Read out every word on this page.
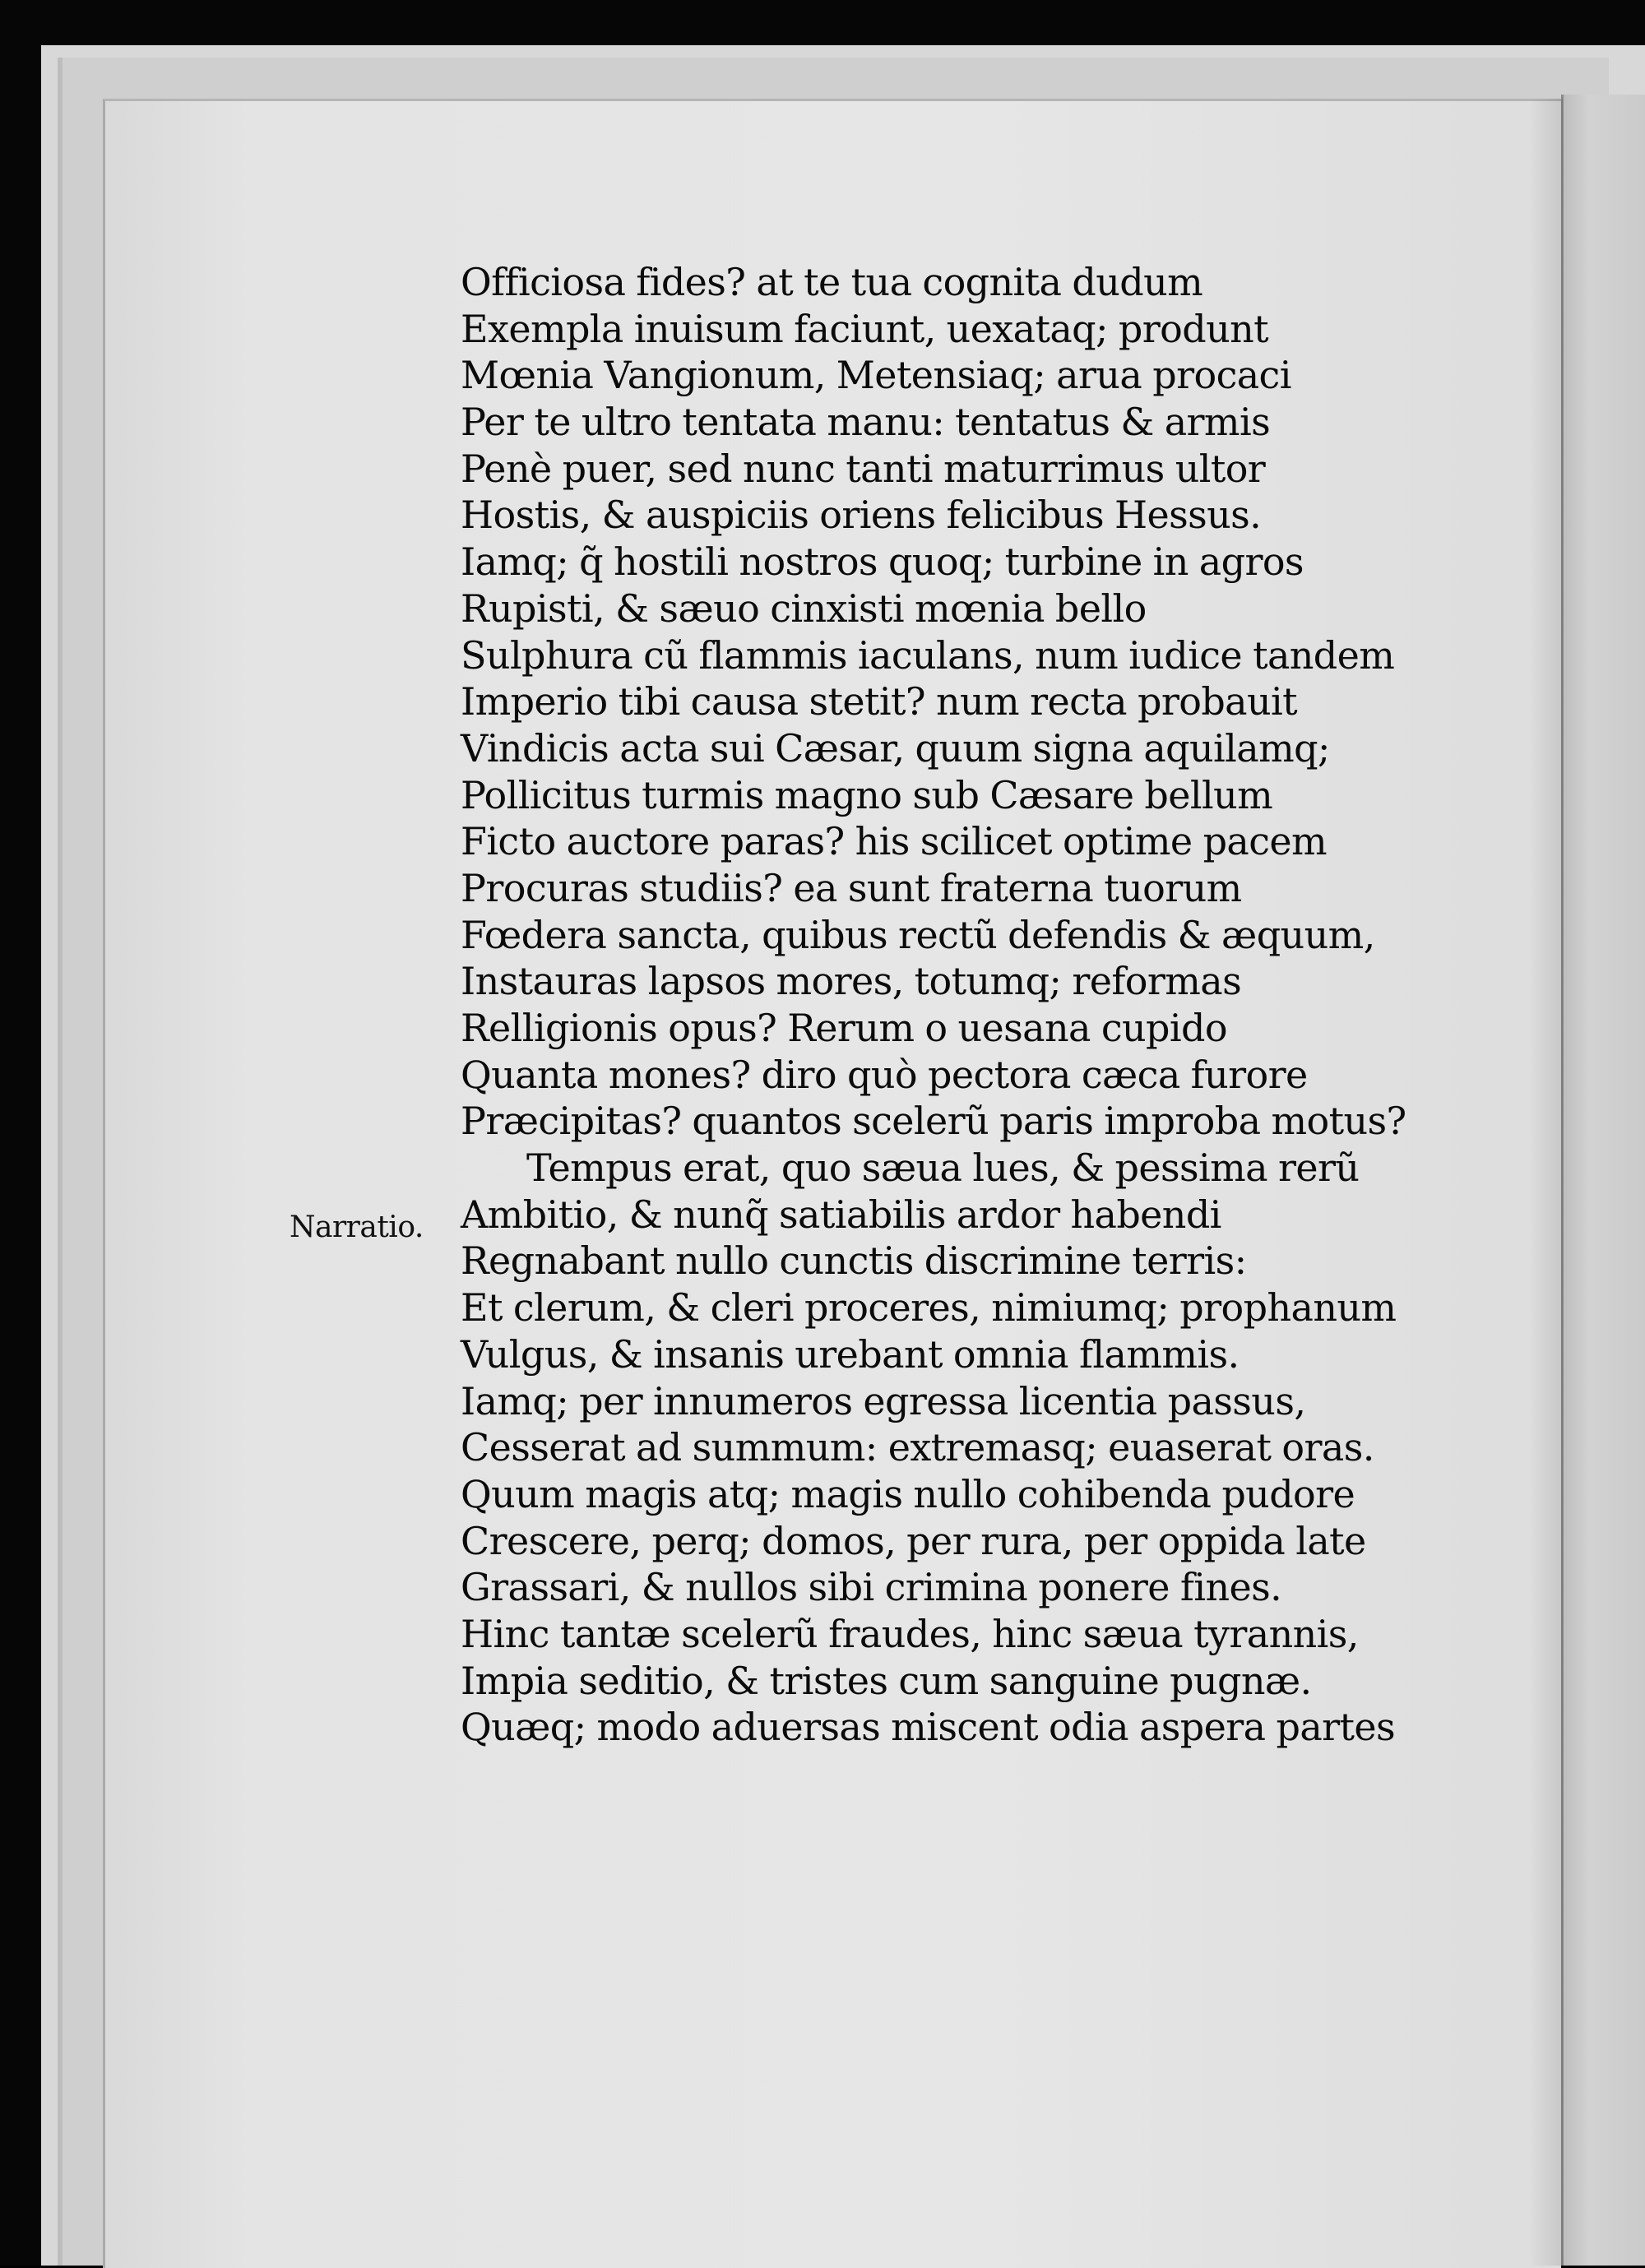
Narratio.
Officiosa fides? at te tua cognita dudum
Exempla inuisum faciunt, uexataq; produnt
Mœnia Vangionum, Metensiaq; arua procaci
Per te ultro tentata manu: tentatus & armis
Penè puer, sed nunc tanti maturrimus ultor
Hostis, & auspiciis oriens felicibus Hessus.
Iamq; q̃ hostili nostros quoq; turbine in agros
Rupisti, & sæuo cinxisti mœnia bello
Sulphura cũ flammis iaculans, num iudice tandem
Imperio tibi causa stetit? num recta probauit
Vindicis acta sui Cæsar, quum signa aquilamq;
Pollicitus turmis magno sub Cæsare bellum
Ficto auctore paras? his scilicet optime pacem
Procuras studiis? ea sunt fraterna tuorum
Fœdera sancta, quibus rectũ defendis & æquum,
Instauras lapsos mores, totumq; reformas
Relligionis opus? Rerum o uesana cupido
Quanta mones? diro quò pectora cæca furore
Præcipitas? quantos scelerũ paris improba motus?
Tempus erat, quo sæua lues, & pessima rerũ
Ambitio, & nunq̃ satiabilis ardor habendi
Regnabant nullo cunctis discrimine terris:
Et clerum, & cleri proceres, nimiumq; prophanum
Vulgus, & insanis urebant omnia flammis.
Iamq; per innumeros egressa licentia passus,
Cesserat ad summum: extremasq; euaserat oras.
Quum magis atq; magis nullo cohibenda pudore
Crescere, perq; domos, per rura, per oppida late
Grassari, & nullos sibi crimina ponere fines.
Hinc tantæ scelerũ fraudes, hinc sæua tyrannis,
Impia seditio, & tristes cum sanguine pugnæ.
Quæq; modo aduersas miscent odia aspera partes
